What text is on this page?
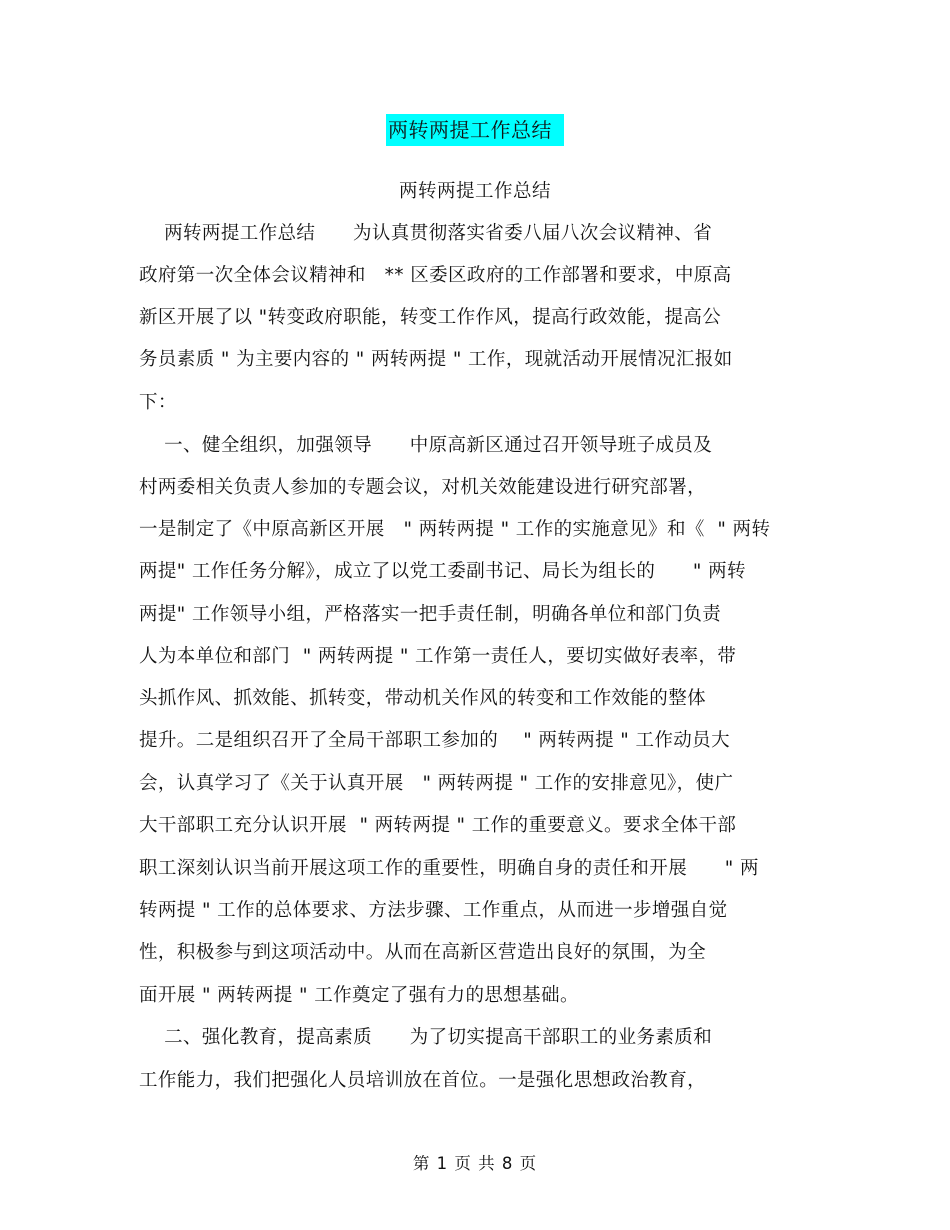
两转两提工作总结
两转两提工作总结
两转两提工作总结      为认真贯彻落实省委八届八次会议精神、省
政府第一次全体会议精神和   ** 区委区政府的工作部署和要求，中原高
新区开展了以 "转变政府职能，转变工作作风，提高行政效能，提高公
务员素质 " 为主要内容的 " 两转两提 " 工作，现就活动开展情况汇报如
下：
一、健全组织，加强领导      中原高新区通过召开领导班子成员及
村两委相关负责人参加的专题会议，对机关效能建设进行研究部署，
一是制定了《中原高新区开展   " 两转两提 " 工作的实施意见》和《  " 两转
两提" 工作任务分解》，成立了以党工委副书记、局长为组长的      " 两转
两提" 工作领导小组，严格落实一把手责任制，明确各单位和部门负责
人为本单位和部门  " 两转两提 " 工作第一责任人，要切实做好表率，带
头抓作风、抓效能、抓转变，带动机关作风的转变和工作效能的整体
提升。二是组织召开了全局干部职工参加的    " 两转两提 " 工作动员大
会，认真学习了《关于认真开展   " 两转两提 " 工作的安排意见》，使广
大干部职工充分认识开展  " 两转两提 " 工作的重要意义。要求全体干部
职工深刻认识当前开展这项工作的重要性，明确自身的责任和开展      " 两
转两提 " 工作的总体要求、方法步骤、工作重点，从而进一步增强自觉
性，积极参与到这项活动中。从而在高新区营造出良好的氛围，为全
面开展 " 两转两提 " 工作奠定了强有力的思想基础。
二、强化教育，提高素质      为了切实提高干部职工的业务素质和
工作能力，我们把强化人员培训放在首位。一是强化思想政治教育，
第 1 页 共 8 页
